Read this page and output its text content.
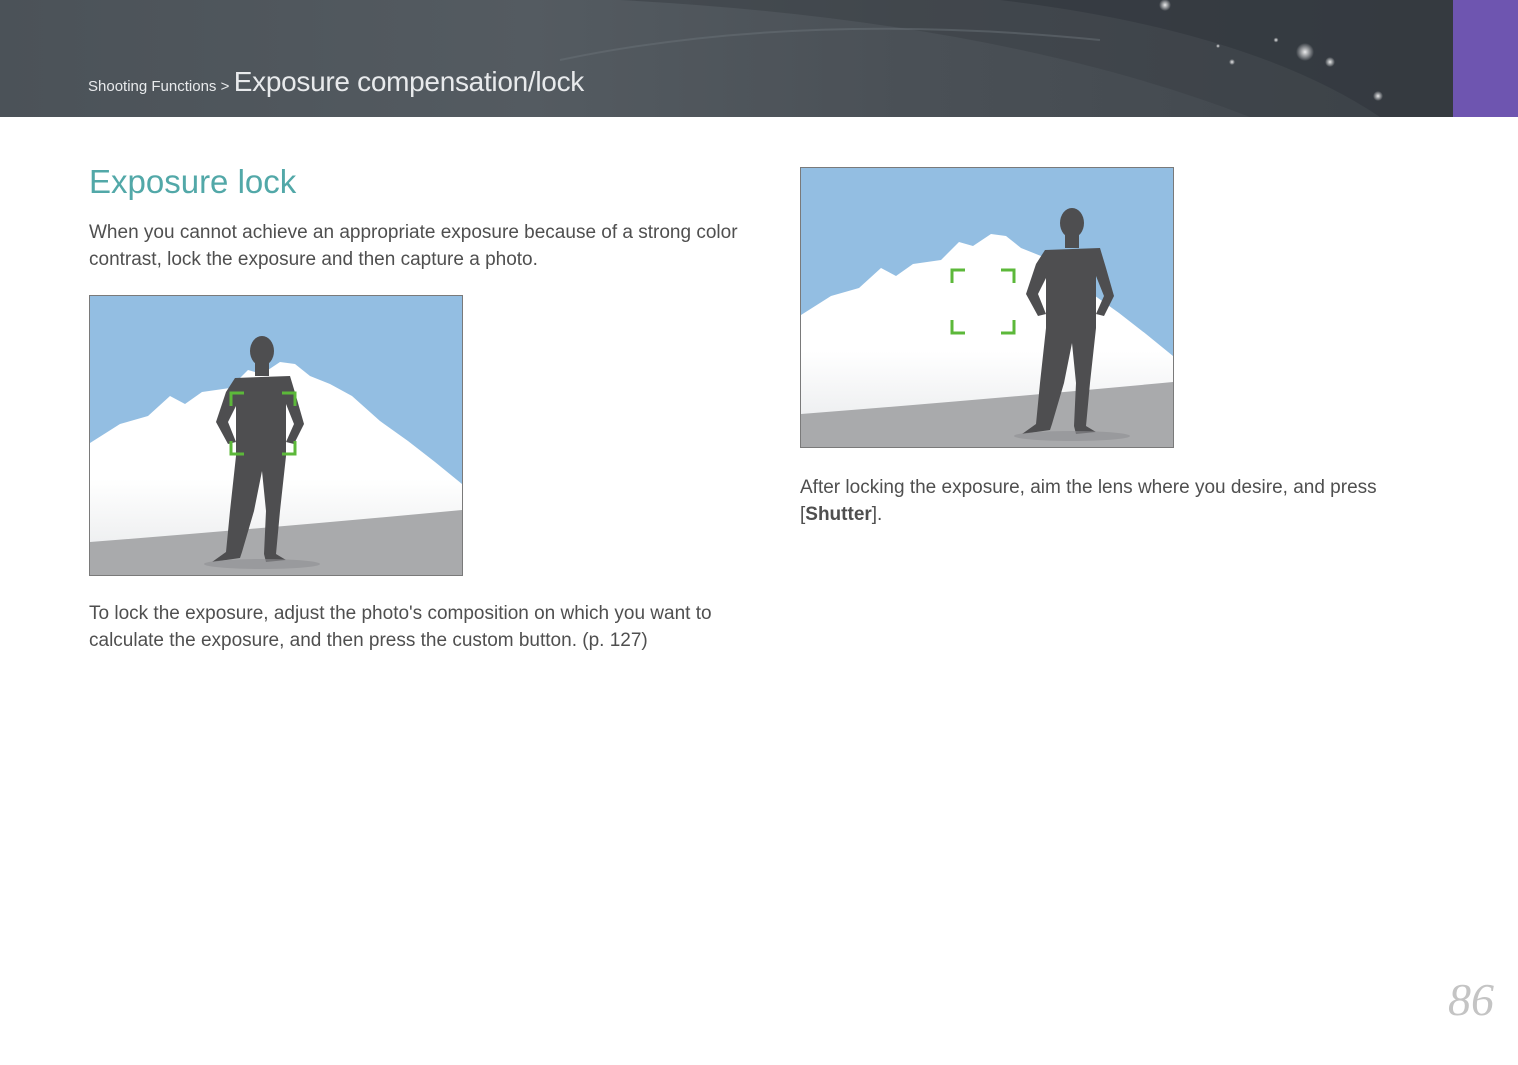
Shooting Functions > Exposure compensation/lock
Exposure lock

When you cannot achieve an appropriate exposure because of a strong color contrast, lock the exposure and then capture a photo.

To lock the exposure, adjust the photo's composition on which you want to calculate the exposure, and then press the custom button. (p. 127)

After locking the exposure, aim the lens where you desire, and press [Shutter].

86
